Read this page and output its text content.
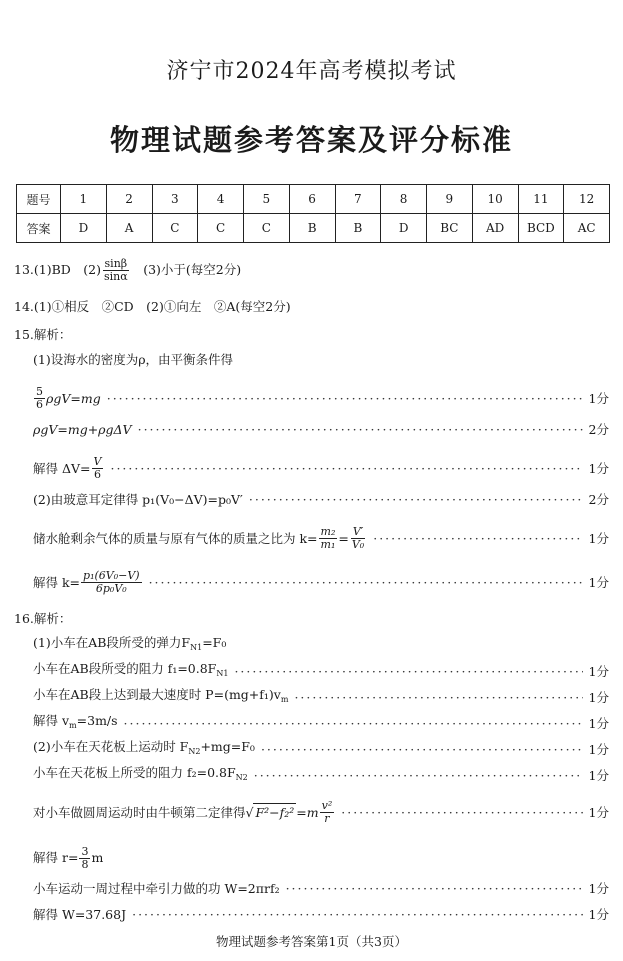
济宁市2024年高考模拟考试
物理试题参考答案及评分标准
题号	1	2	3	4	5	6	7	8	9	10	11	12
答案	D	A	C	C	C	B	B	D	BC	AD	BCD	AC
13.(1)BD　$(2) \frac{\sin\beta}{\sin\alpha}$ 　(3)小于(每空2分)
14.(1)①相反　②CD　(2)①向左　②A(每空2分)
15.解析：
(1)设海水的密度为ρ，由平衡条件得
$\frac{5}{6} \rho gV=mg$ ·····	1分
ρgV=mg+ρgΔV ·····	2分
解得 $\Delta V= \frac{V}{6}$ ·····	1分
(2)由玻意耳定律得 p₁(V₀−ΔV)=p₀V′ ·····	2分
储水舱剩余气体的质量与原有气体的质量之比为 $k= \frac{\text{m₂}}{\text{m₁}} = \frac{V'}{\text{V₀}}$ ·····	1分
解得 $k= \frac{\text{p₁(6V₀−V)}}{\text{6p₀V₀}}$ ·····	1分
16.解析：
(1)小车在AB段所受的弹力$F_{N1}=F_0$
小车在AB段所受的阻力 $f_1=0.8F_{N1}$ ·····	1分
小车在AB段上达到最大速度时 $P=(mg+f_1)v_m$ ·····	1分
解得 $v_m=3m/s$ ·····	1分
(2)小车在天花板上运动时 $F_{N2}+mg=F_0$ ·····	1分
小车在天花板上所受的阻力 $f_2=0.8F_{N2}$ ·····	1分
对小车做圆周运动时由牛顿第二定律得 √ $F^2-f_2^2 =m \frac{\text{v²}}{r}$ ·····	1分
解得 $r= \frac{3}{8}$ m
小车运动一周过程中牵引力做的功 W=2πrf₂ ·····	1分
解得 W=37.68J ·····	1分
物理试题参考答案第1页（共3页）
